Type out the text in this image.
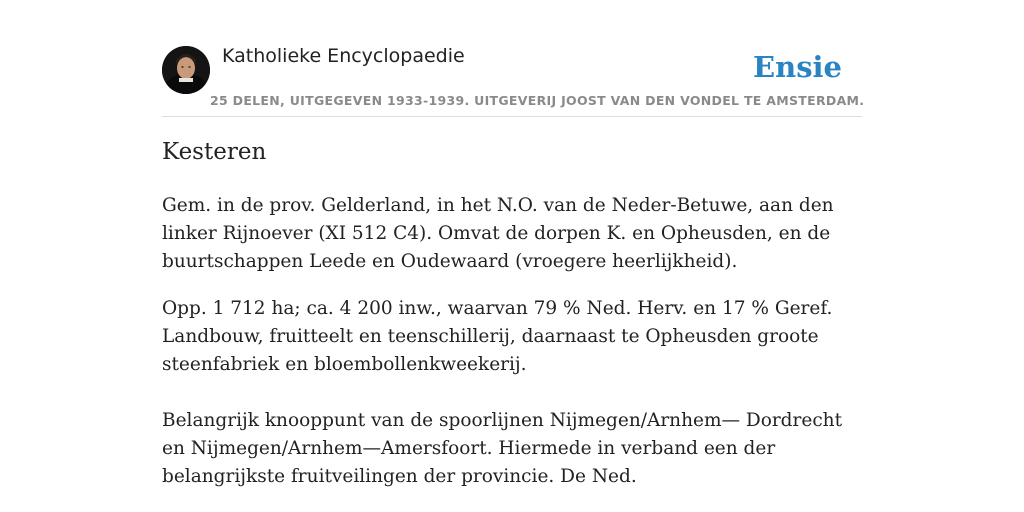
Katholieke Encyclopaedie
25 DELEN, UITGEGEVEN 1933-1939. UITGEVERIJ JOOST VAN DEN VONDEL TE AMSTERDAM.
Ensie
Kesteren

Gem. in de prov. Gelderland, in het N.O. van de Neder-Betuwe, aan den linker Rijnoever (XI 512 C4). Omvat de dorpen K. en Opheusden, en de buurtschappen Leede en Oudewaard (vroegere heerlijkheid).

Opp. 1 712 ha; ca. 4 200 inw., waarvan 79 % Ned. Herv. en 17 % Geref. Landbouw, fruitteelt en teenschillerij, daarnaast te Opheusden groote steenfabriek en bloembollenkweekerij.

Belangrijk knooppunt van de spoorlijnen Nijmegen/Arnhem— Dordrecht en Nijmegen/Arnhem—Amersfoort. Hiermede in verband een der belangrijkste fruitveilingen der provincie. De Ned.
